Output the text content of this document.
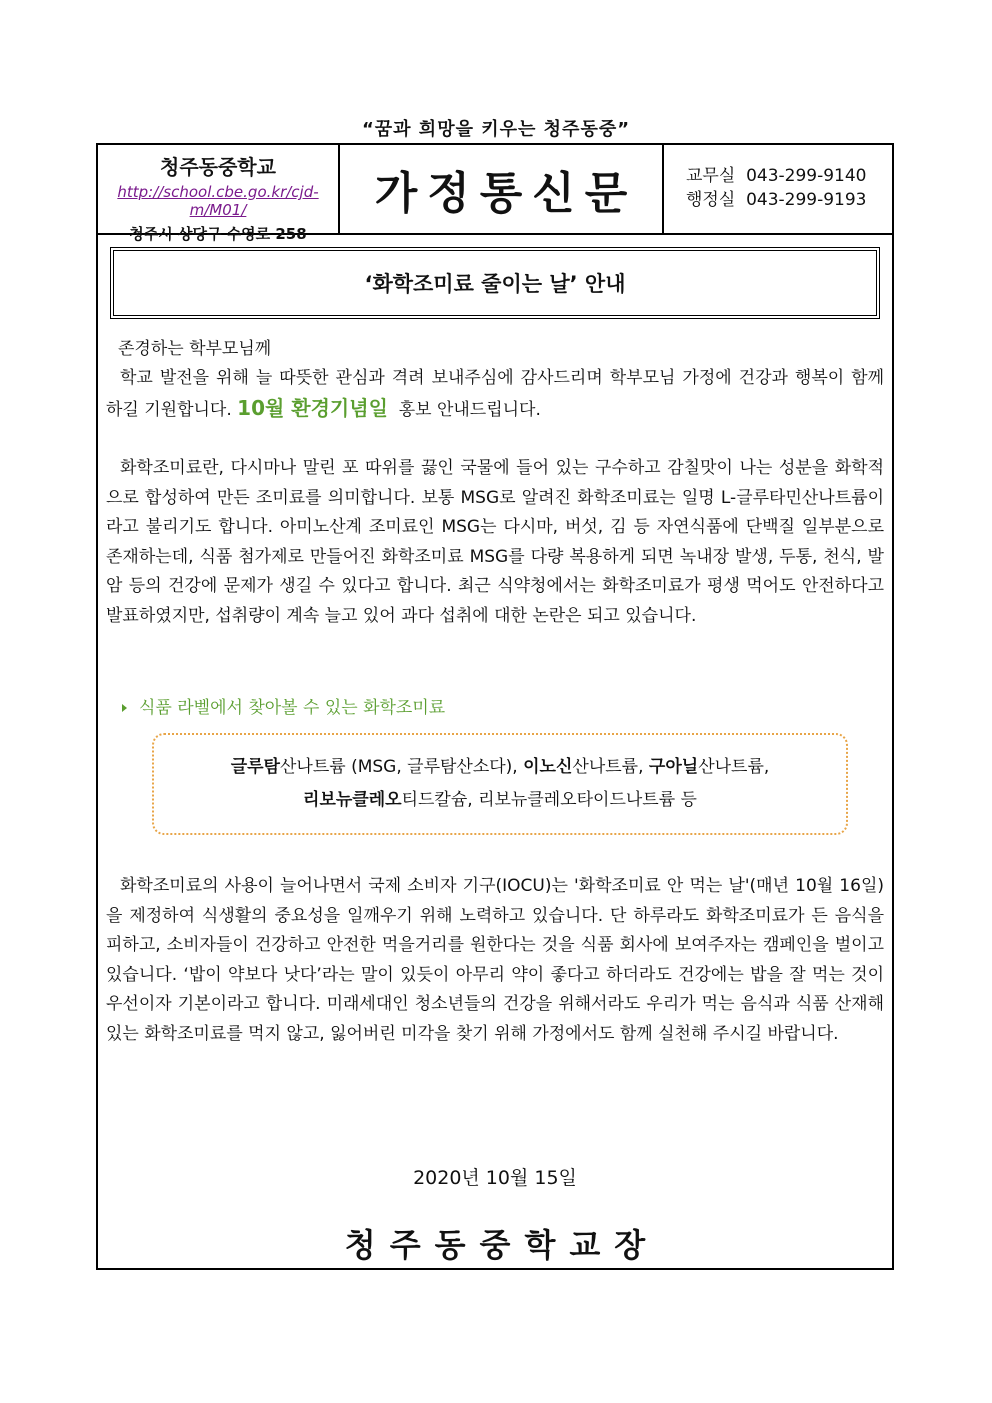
“꿈과 희망을 키우는 청주동중”
청주동중학교
http://school.cbe.go.kr/cjd-m/M01/
청주시 상당구 수영로 258
가정통신문	교무실  043-299-9140
행정실  043-299-9193
‘화학조미료 줄이는 날’ 안내
존경하는 학부모님께
학교 발전을 위해 늘 따뜻한 관심과 격려 보내주심에 감사드리며 학부모님 가정에 건강과 행복이 함께 하길 기원합니다. 10월 환경기념일  홍보 안내드립니다.
화학조미료란, 다시마나 말린 포 따위를 끓인 국물에 들어 있는 구수하고 감칠맛이 나는 성분을 화학적으로 합성하여 만든 조미료를 의미합니다. 보통 MSG로 알려진 화학조미료는 일명 L-글루타민산나트륨이라고 불리기도 합니다. 아미노산계 조미료인 MSG는 다시마, 버섯, 김 등 자연식품에 단백질 일부분으로 존재하는데, 식품 첨가제로 만들어진 화학조미료 MSG를 다량 복용하게 되면 녹내장 발생, 두통, 천식, 발암 등의 건강에 문제가 생길 수 있다고 합니다. 최근 식약청에서는 화학조미료가 평생 먹어도 안전하다고 발표하였지만, 섭취량이 계속 늘고 있어 과다 섭취에 대한 논란은 되고 있습니다.
식품 라벨에서 찾아볼 수 있는 화학조미료
글루탐산나트륨 (MSG, 글루탐산소다), 이노신산나트륨, 구아닐산나트륨,
리보뉴클레오티드칼슘, 리보뉴클레오타이드나트륨 등
화학조미료의 사용이 늘어나면서 국제 소비자 기구(IOCU)는 '화학조미료 안 먹는 날'(매년 10월 16일)을 제정하여 식생활의 중요성을 일깨우기 위해 노력하고 있습니다. 단 하루라도 화학조미료가 든 음식을 피하고, 소비자들이 건강하고 안전한 먹을거리를 원한다는 것을 식품 회사에 보여주자는 캠페인을 벌이고 있습니다. ‘밥이 약보다 낫다’라는 말이 있듯이 아무리 약이 좋다고 하더라도 건강에는 밥을 잘 먹는 것이 우선이자 기본이라고 합니다. 미래세대인 청소년들의 건강을 위해서라도 우리가 먹는 음식과 식품 산재해 있는 화학조미료를 먹지 않고, 잃어버린 미각을 찾기 위해 가정에서도 함께 실천해 주시길 바랍니다.
2020년 10월 15일
청주동중학교장
